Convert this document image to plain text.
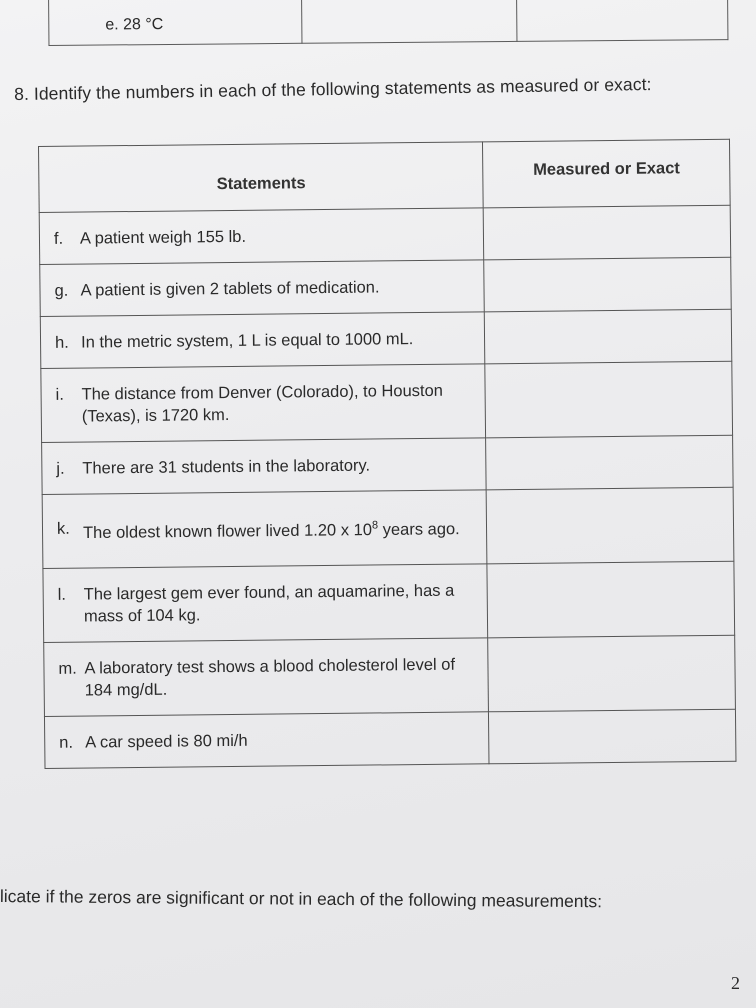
e. 28 °C		
8. Identify the numbers in each of the following statements as measured or exact:
Statements	Measured or Exact

f. A patient weigh 155 lb.	

g. A patient is given 2 tablets of medication.	

h. In the metric system, 1 L is equal to 1000 mL.	

i. The distance from Denver (Colorado), to Houston (Texas), is 1720 km.	

j. There are 31 students in the laboratory.	

k. The oldest known flower lived 1.20 x $10^8$ years ago.	

l. The largest gem ever found, an aquamarine, has a mass of 104 kg.	

m. A laboratory test shows a blood cholesterol level of 184 mg/dL.	

n. A car speed is 80 mi/h	

licate if the zeros are significant or not in each of the following measurements:
2
